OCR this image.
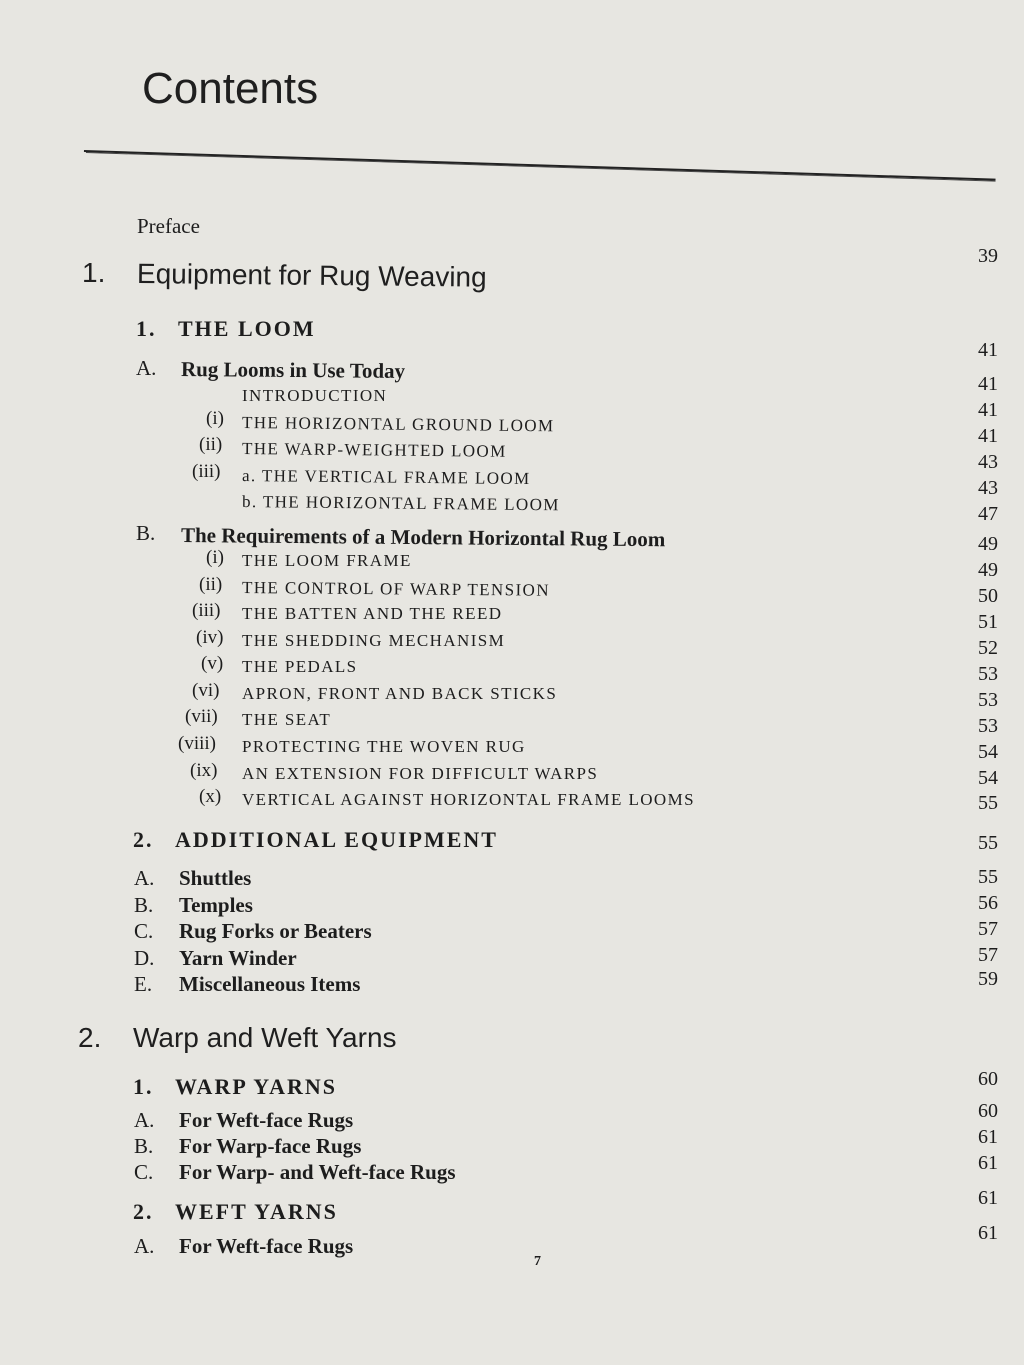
Contents
Preface
1. Equipment for Rug Weaving
1. THE LOOM
A. Rug Looms in Use Today
INTRODUCTION
(i) THE HORIZONTAL GROUND LOOM
(ii) THE WARP-WEIGHTED LOOM
(iii) a. THE VERTICAL FRAME LOOM
b. THE HORIZONTAL FRAME LOOM
B. The Requirements of a Modern Horizontal Rug Loom
(i) THE LOOM FRAME
(ii) THE CONTROL OF WARP TENSION
(iii) THE BATTEN AND THE REED
(iv) THE SHEDDING MECHANISM
(v) THE PEDALS
(vi) APRON, FRONT AND BACK STICKS
(vii) THE SEAT
(viii) PROTECTING THE WOVEN RUG
(ix) AN EXTENSION FOR DIFFICULT WARPS
(x) VERTICAL AGAINST HORIZONTAL FRAME LOOMS
2. ADDITIONAL EQUIPMENT
A. Shuttles
B. Temples
C. Rug Forks or Beaters
D. Yarn Winder
E. Miscellaneous Items
2. Warp and Weft Yarns
1. WARP YARNS
A. For Weft-face Rugs
B. For Warp-face Rugs
C. For Warp- and Weft-face Rugs
2. WEFT YARNS
A. For Weft-face Rugs
39
41
41
41
41
43
43
47
49
49
50
51
52
53
53
53
54
54
55
55
55
56
57
57
59
60
60
61
61
61
61
7
